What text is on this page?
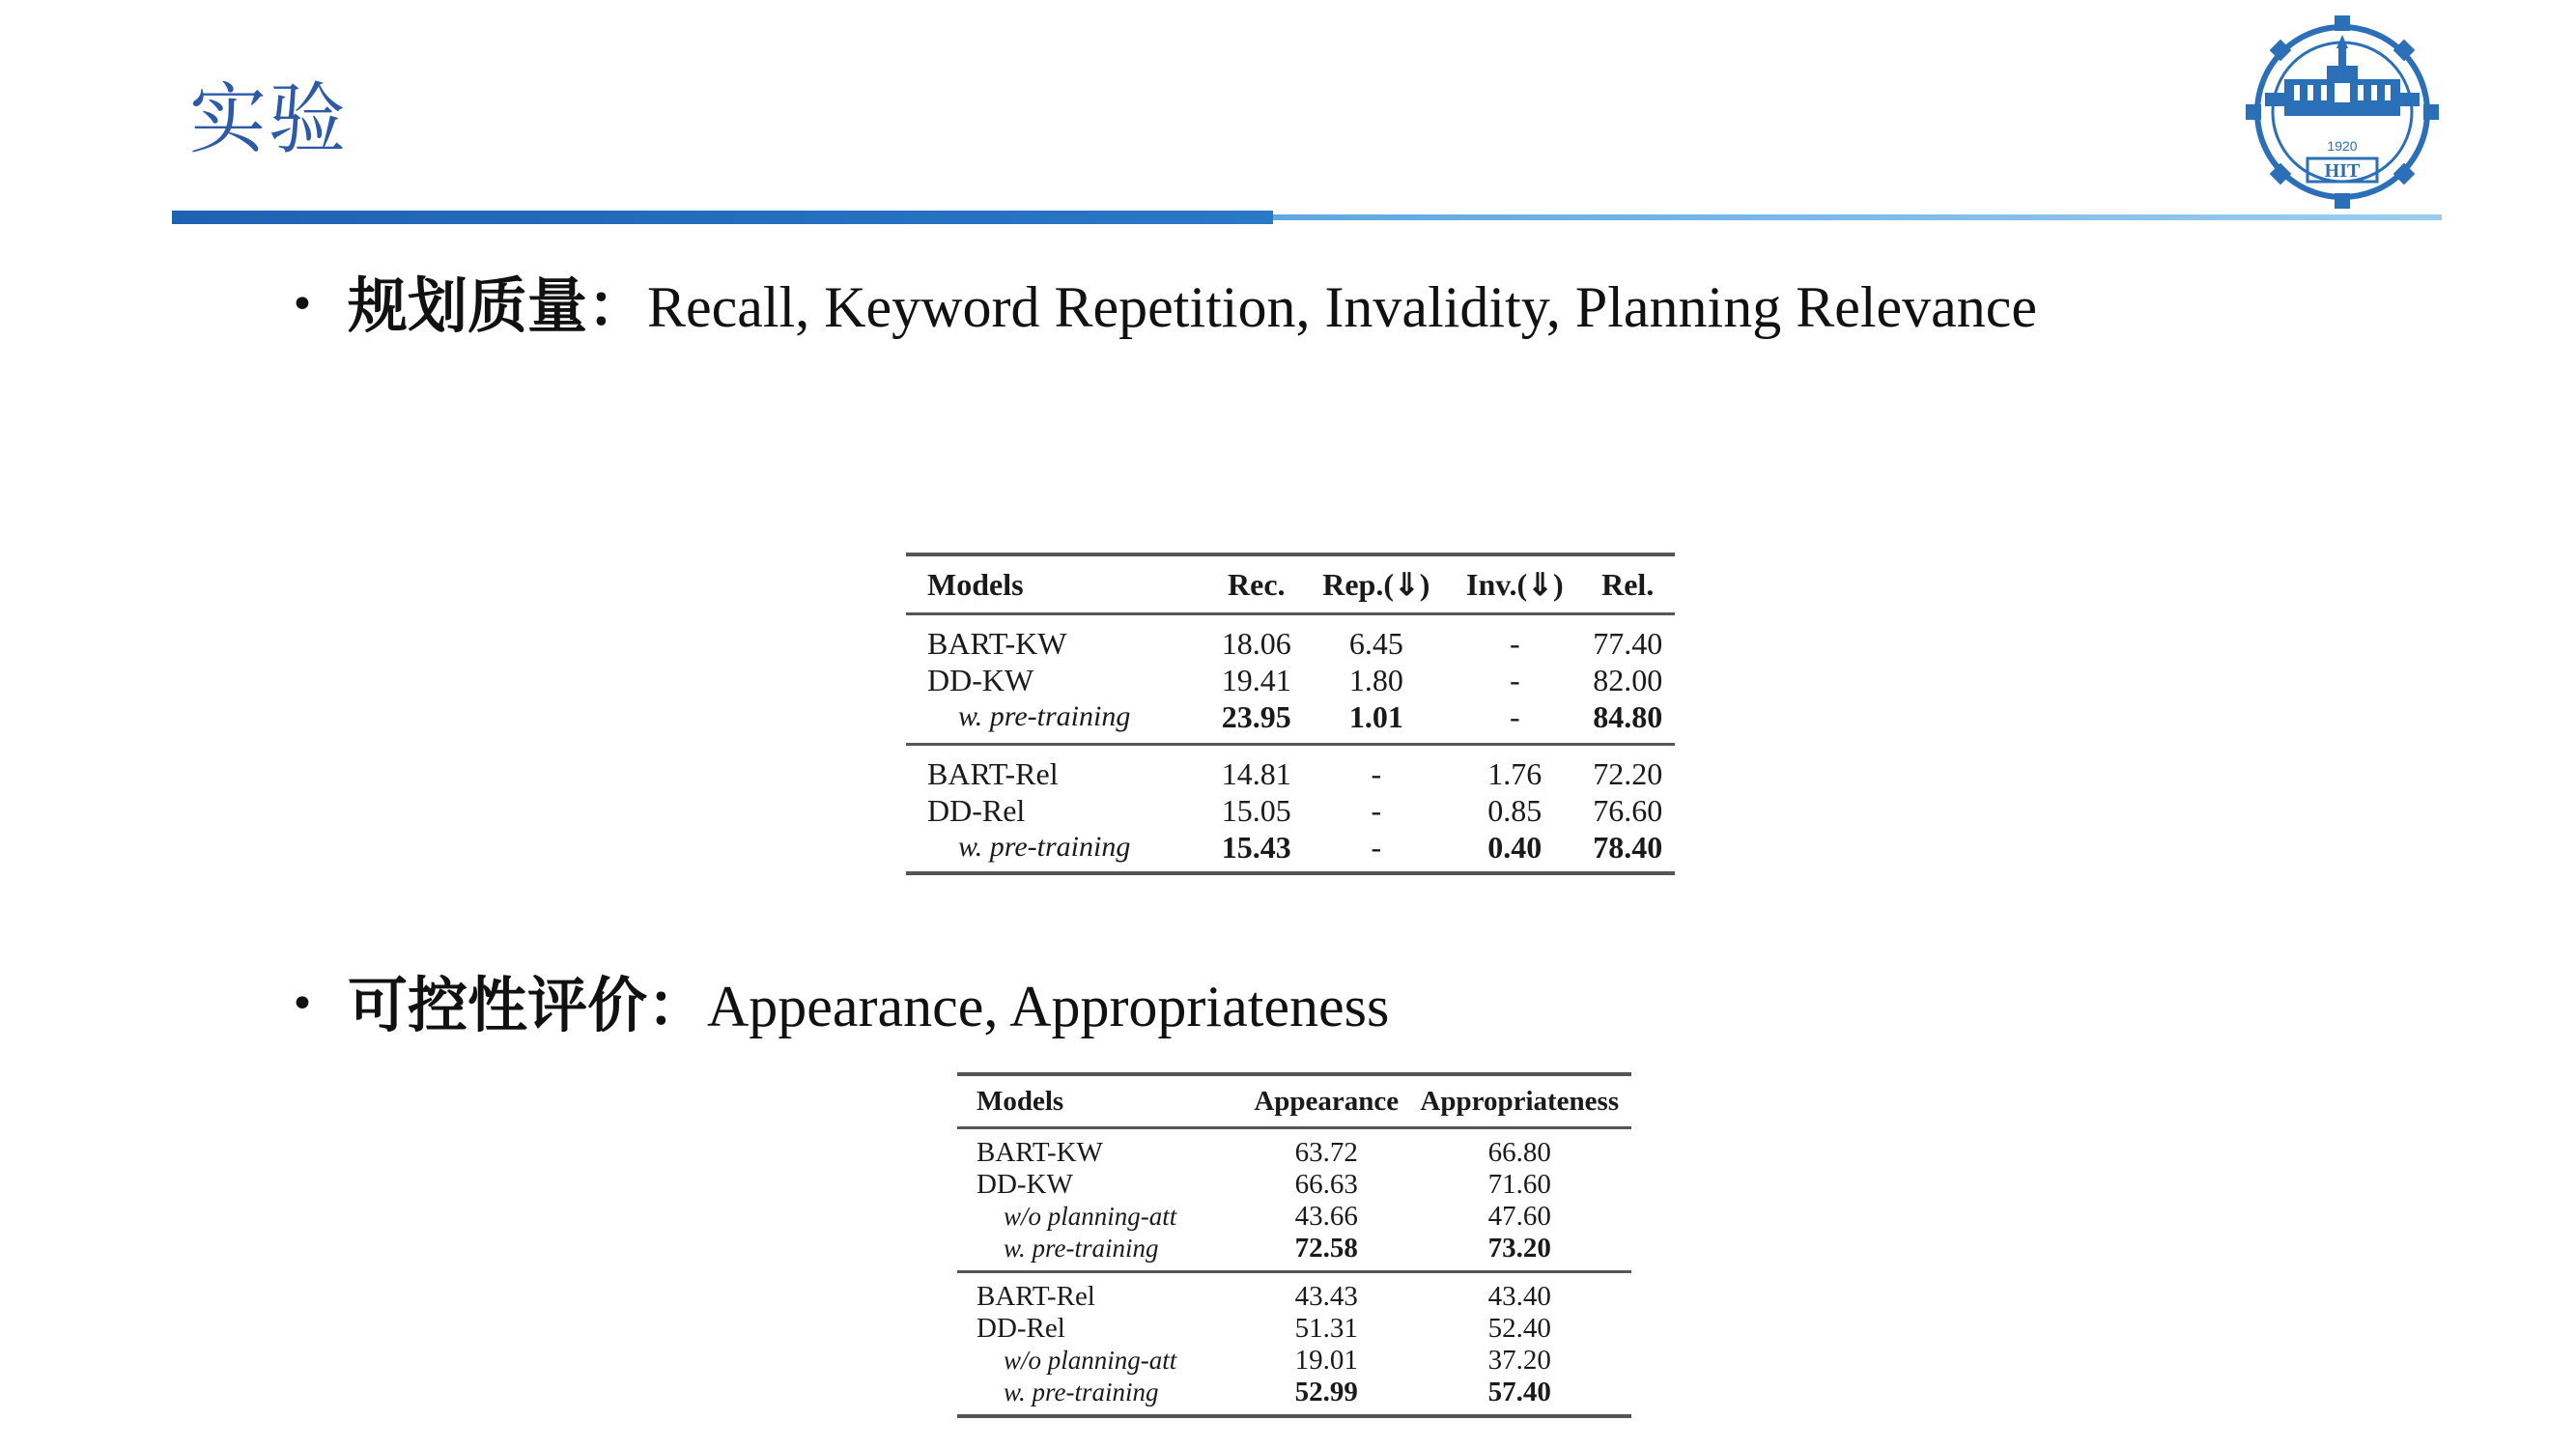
实验	1920
HIT
• 规划质量：Recall, Keyword Repetition, Invalidity, Planning Relevance
Models	Rec.	Rep.(⇓)	Inv.(⇓)	Rel.
BART-KW	18.06	6.45	-	77.40
DD-KW	19.41	1.80	-	82.00
w. pre-training	23.95	1.01	-	84.80
BART-Rel	14.81	-	1.76	72.20
DD-Rel	15.05	-	0.85	76.60
w. pre-training	15.43	-	0.40	78.40
• 可控性评价：Appearance, Appropriateness
Models	Appearance	Appropriateness
BART-KW	63.72	66.80
DD-KW	66.63	71.60
w/o planning-att	43.66	47.60
w. pre-training	72.58	73.20
BART-Rel	43.43	43.40
DD-Rel	51.31	52.40
w/o planning-att	19.01	37.20
w. pre-training	52.99	57.40
